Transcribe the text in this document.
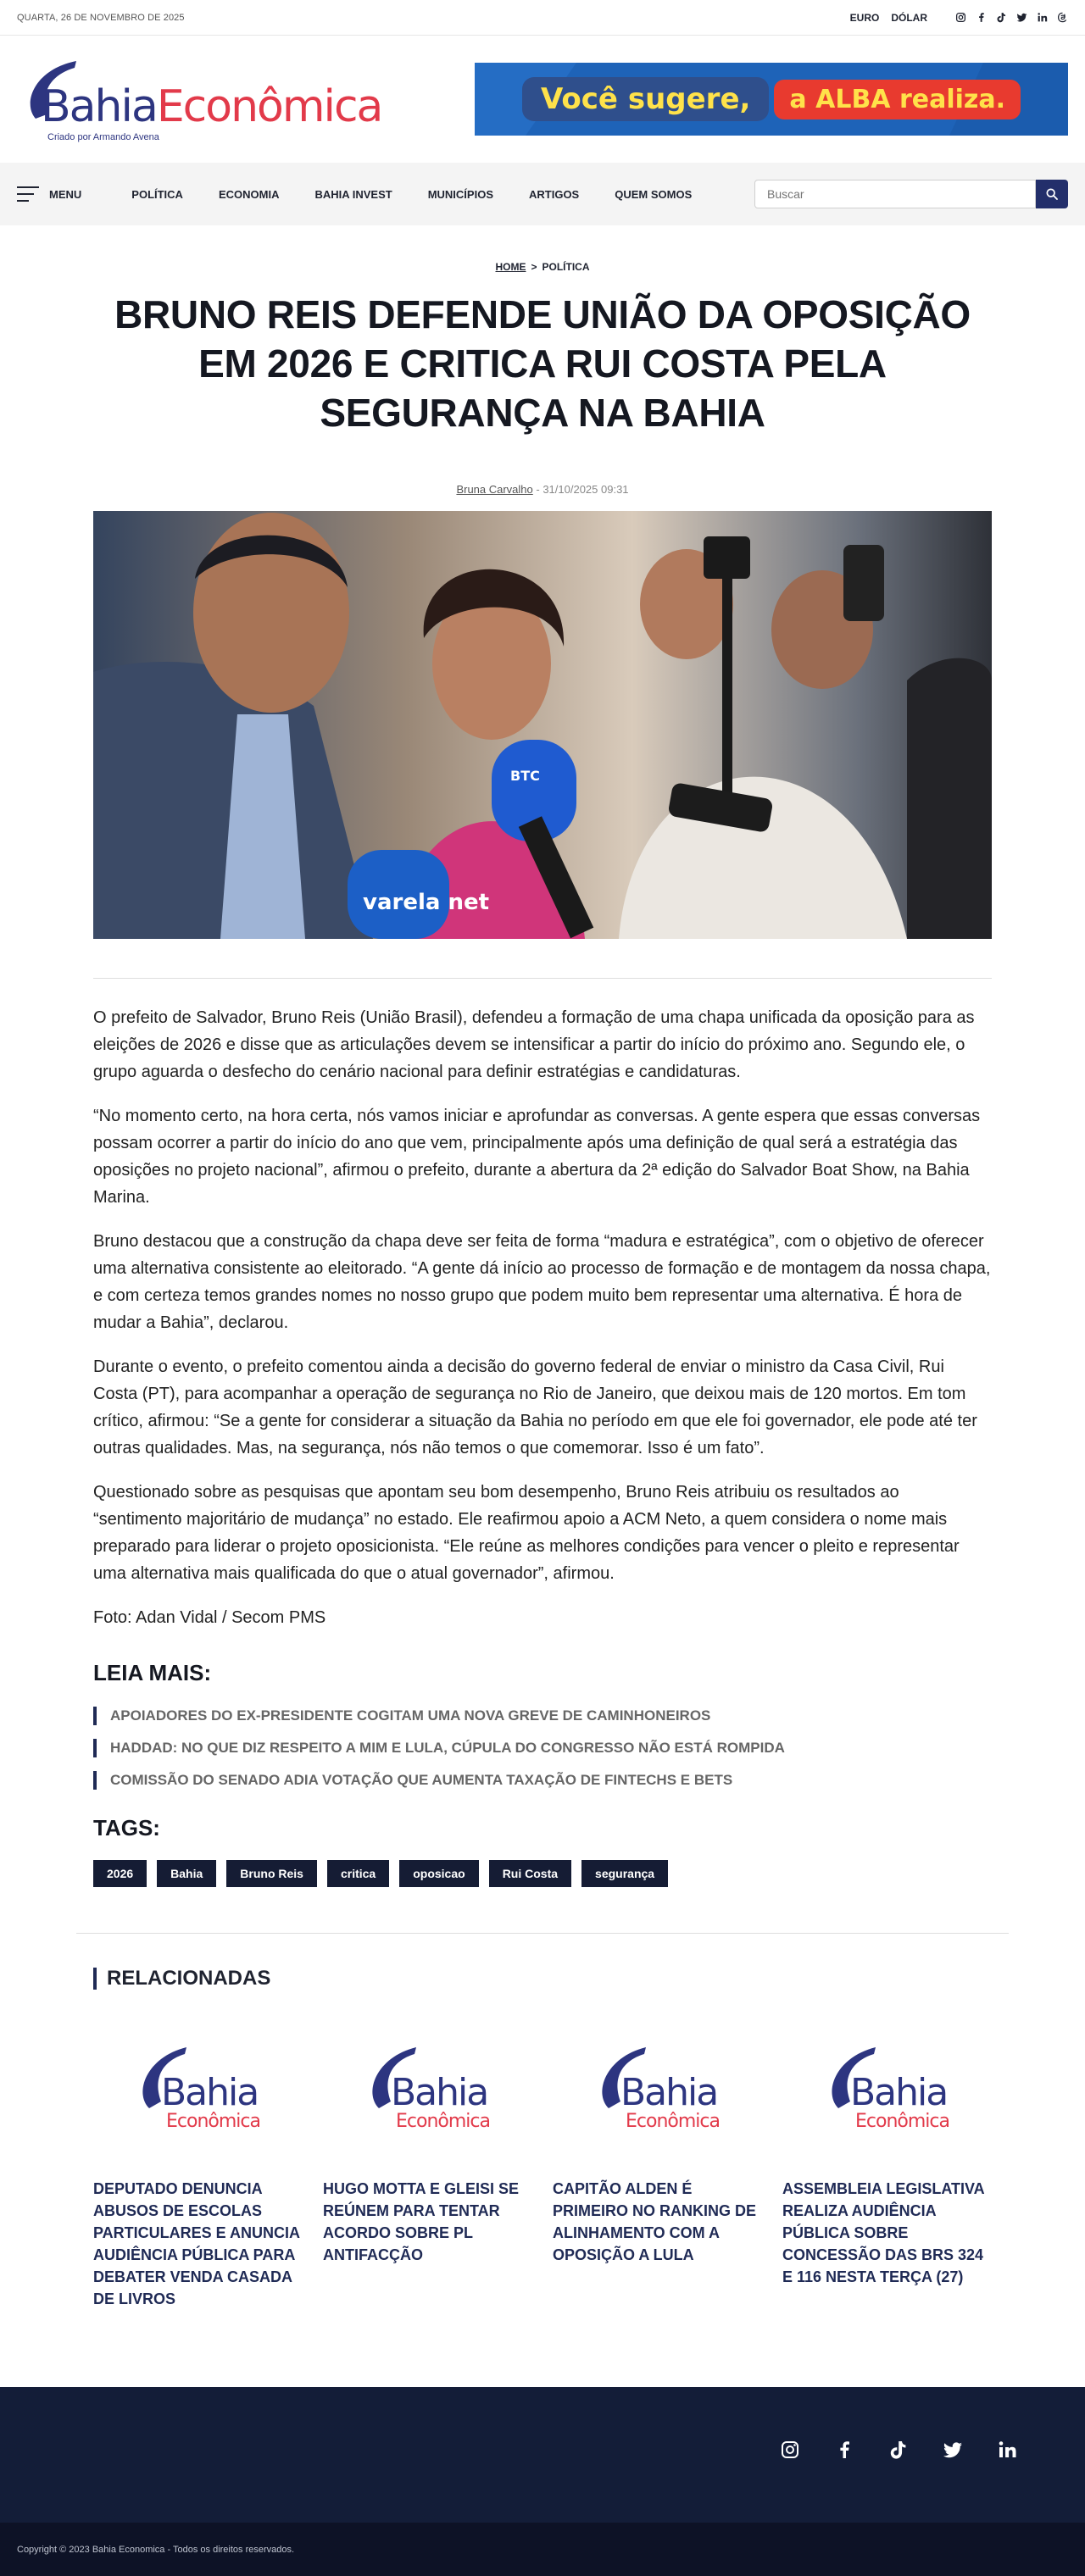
QUARTA, 26 DE NOVEMBRO DE 2025	EURO DÓLAR
BahiaEconômica
Criado por Armando Avena
Você sugere,	a ALBA realiza.
MENU	POLÍTICA	ECONOMIA	BAHIA INVEST	MUNICÍPIOS	ARTIGOS	QUEM SOMOS
Buscar
HOME > POLÍTICA
BRUNO REIS DEFENDE UNIÃO DA OPOSIÇÃO EM 2026 E CRITICA RUI COSTA PELA SEGURANÇA NA BAHIA
Bruna Carvalho - 31/10/2025 09:31
varela net
BTC

O prefeito de Salvador, Bruno Reis (União Brasil), defendeu a formação de uma chapa unificada da oposição para as eleições de 2026 e disse que as articulações devem se intensificar a partir do início do próximo ano. Segundo ele, o grupo aguarda o desfecho do cenário nacional para definir estratégias e candidaturas.

“No momento certo, na hora certa, nós vamos iniciar e aprofundar as conversas. A gente espera que essas conversas possam ocorrer a partir do início do ano que vem, principalmente após uma definição de qual será a estratégia das oposições no projeto nacional”, afirmou o prefeito, durante a abertura da 2ª edição do Salvador Boat Show, na Bahia Marina.

Bruno destacou que a construção da chapa deve ser feita de forma “madura e estratégica”, com o objetivo de oferecer uma alternativa consistente ao eleitorado. “A gente dá início ao processo de formação e de montagem da nossa chapa, e com certeza temos grandes nomes no nosso grupo que podem muito bem representar uma alternativa. É hora de mudar a Bahia”, declarou.

Durante o evento, o prefeito comentou ainda a decisão do governo federal de enviar o ministro da Casa Civil, Rui Costa (PT), para acompanhar a operação de segurança no Rio de Janeiro, que deixou mais de 120 mortos. Em tom crítico, afirmou: “Se a gente for considerar a situação da Bahia no período em que ele foi governador, ele pode até ter outras qualidades. Mas, na segurança, nós não temos o que comemorar. Isso é um fato”.

Questionado sobre as pesquisas que apontam seu bom desempenho, Bruno Reis atribuiu os resultados ao “sentimento majoritário de mudança” no estado. Ele reafirmou apoio a ACM Neto, a quem considera o nome mais preparado para liderar o projeto oposicionista. “Ele reúne as melhores condições para vencer o pleito e representar uma alternativa mais qualificada do que o atual governador”, afirmou.

Foto: Adan Vidal / Secom PMS

LEIA MAIS:
APOIADORES DO EX-PRESIDENTE COGITAM UMA NOVA GREVE DE CAMINHONEIROS
HADDAD: NO QUE DIZ RESPEITO A MIM E LULA, CÚPULA DO CONGRESSO NÃO ESTÁ ROMPIDA
COMISSÃO DO SENADO ADIA VOTAÇÃO QUE AUMENTA TAXAÇÃO DE FINTECHS E BETS
TAGS:
2026	Bahia	Bruno Reis	critica	oposicao	Rui Costa	segurança
RELACIONADAS
Bahia
Econômica

DEPUTADO DENUNCIA ABUSOS DE ESCOLAS PARTICULARES E ANUNCIA AUDIÊNCIA PÚBLICA PARA DEBATER VENDA CASADA DE LIVROS

Bahia
Econômica

HUGO MOTTA E GLEISI SE REÚNEM PARA TENTAR ACORDO SOBRE PL ANTIFACÇÃO

Bahia
Econômica

CAPITÃO ALDEN É PRIMEIRO NO RANKING DE ALINHAMENTO COM A OPOSIÇÃO A LULA

Bahia
Econômica

ASSEMBLEIA LEGISLATIVA REALIZA AUDIÊNCIA PÚBLICA SOBRE CONCESSÃO DAS BRS 324 E 116 NESTA TERÇA (27)

Copyright © 2023 Bahia Economica - Todos os direitos reservados.
